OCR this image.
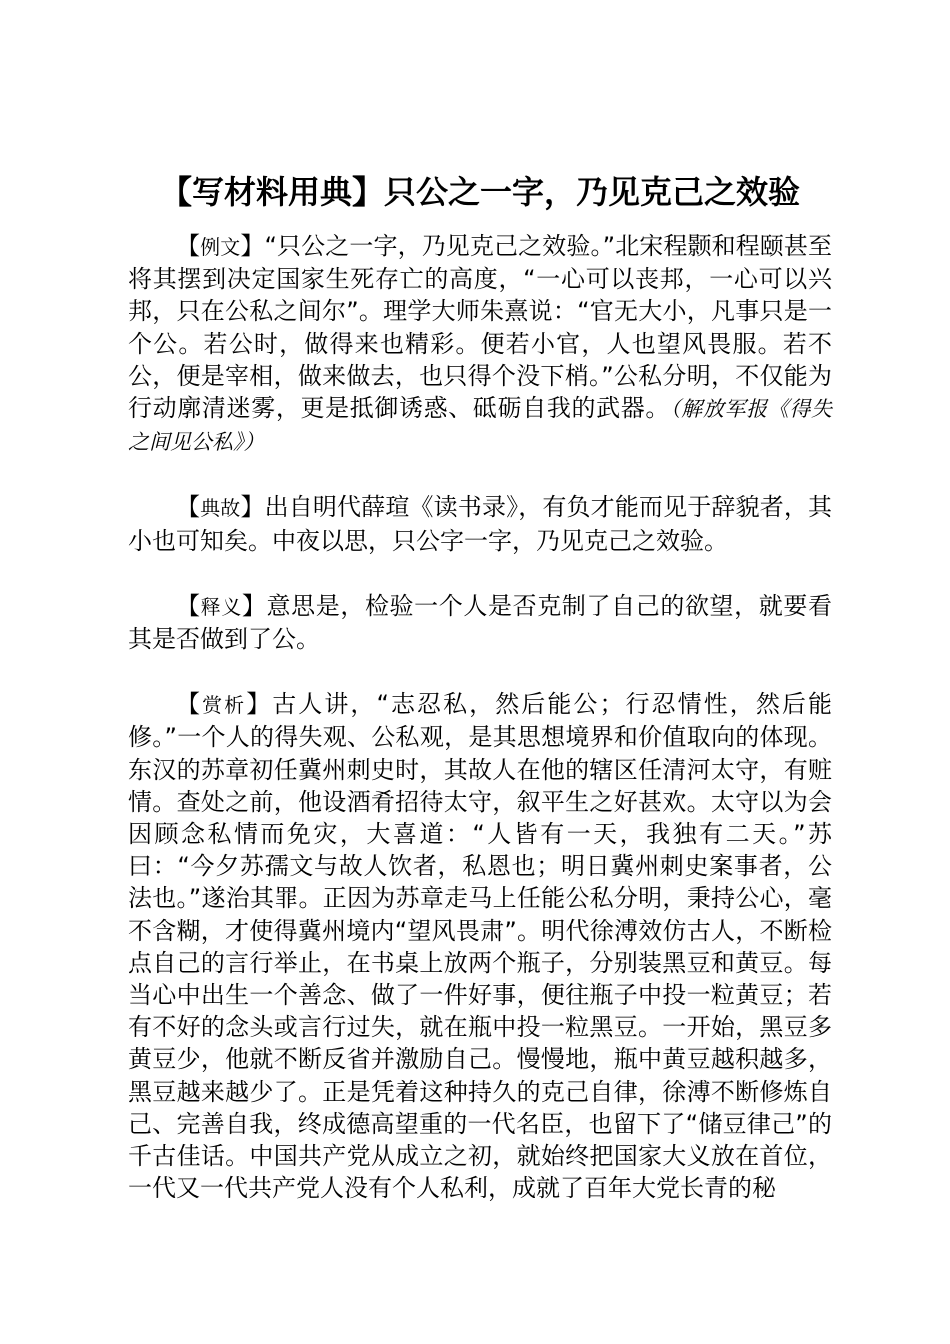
【写材料用典】只公之一字，乃见克己之效验

【例文】“只公之一字，乃见克己之效验。”北宋程颢和程颐甚至将其摆到决定国家生死存亡的高度，“一心可以丧邦，一心可以兴邦，只在公私之间尔”。理学大师朱熹说：“官无大小，凡事只是一个公。若公时，做得来也精彩。便若小官，人也望风畏服。若不公，便是宰相，做来做去，也只得个没下梢。”公私分明，不仅能为行动廓清迷雾，更是抵御诱惑、砥砺自我的武器。（解放军报《得失之间见公私》）

【典故】出自明代薛瑄《读书录》，有负才能而见于辞貌者，其小也可知矣。中夜以思，只公字一字，乃见克己之效验。

【释义】意思是，检验一个人是否克制了自己的欲望，就要看其是否做到了公。

【赏析】古人讲，“志忍私，然后能公；行忍情性，然后能修。”一个人的得失观、公私观，是其思想境界和价值取向的体现。东汉的苏章初任冀州刺史时，其故人在他的辖区任清河太守，有赃情。查处之前，他设酒肴招待太守，叙平生之好甚欢。太守以为会因顾念私情而免灾，大喜道：“人皆有一天，我独有二天。”苏曰：“今夕苏孺文与故人饮者，私恩也；明日冀州刺史案事者，公法也。”遂治其罪。正因为苏章走马上任能公私分明，秉持公心，毫不含糊，才使得冀州境内“望风畏肃”。明代徐溥效仿古人，不断检点自己的言行举止，在书桌上放两个瓶子，分别装黑豆和黄豆。每当心中出生一个善念、做了一件好事，便往瓶子中投一粒黄豆；若有不好的念头或言行过失，就在瓶中投一粒黑豆。一开始，黑豆多黄豆少，他就不断反省并激励自己。慢慢地，瓶中黄豆越积越多，黑豆越来越少了。正是凭着这种持久的克己自律，徐溥不断修炼自己、完善自我，终成德高望重的一代名臣，也留下了“储豆律己”的千古佳话。中国共产党从成立之初，就始终把国家大义放在首位，一代又一代共产党人没有个人私利，成就了百年大党长青的秘
